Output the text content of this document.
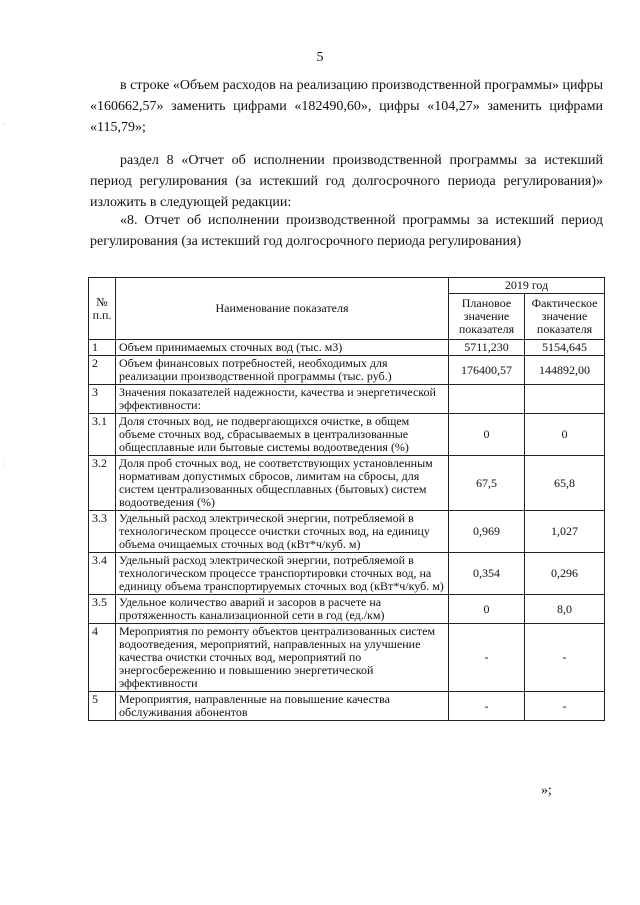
·
·
5

в строке «Объем расходов на реализацию производственной программы» цифры «160662,57» заменить цифрами «182490,60», цифры «104,27» заменить цифрами «115,79»;

раздел 8 «Отчет об исполнении производственной программы за истекший период регулирования (за истекший год долгосрочного периода регулирования)» изложить в следующей редакции:

«8. Отчет об исполнении производственной программы за истекший период регулирования (за истекший год долгосрочного периода регулирования)

№ п.п.	Наименование показателя	2019 год	
		Плановое значение показателя	Фактическое значение показателя
1	Объем принимаемых сточных вод (тыс. м3)	5711,230	5154,645
2	Объем финансовых потребностей, необходимых для реализации производственной программы (тыс. руб.)	176400,57	144892,00
3	Значения показателей надежности, качества и энергетической эффективности:		
3.1	Доля сточных вод, не подвергающихся очистке, в общем объеме сточных вод, сбрасываемых в централизованные общесплавные или бытовые системы водоотведения (%)	0	0
3.2	Доля проб сточных вод, не соответствующих установленным нормативам допустимых сбросов, лимитам на сбросы, для систем централизованных общесплавных (бытовых) систем водоотведения (%)	67,5	65,8
3.3	Удельный расход электрической энергии, потребляемой в технологическом процессе очистки сточных вод, на единицу объема очищаемых сточных вод (кВт*ч/куб. м)	0,969	1,027
3.4	Удельный расход электрической энергии, потребляемой в технологическом процессе транспортировки сточных вод, на единицу объема транспортируемых сточных вод (кВт*ч/куб. м)	0,354	0,296
3.5	Удельное количество аварий и засоров в расчете на протяженность канализационной сети в год (ед./км)	0	8,0
4	Мероприятия по ремонту объектов централизованных систем водоотведения, мероприятий, направленных на улучшение качества очистки сточных вод, мероприятий по энергосбережению и повышению энергетической эффективности	-	-
5	Мероприятия, направленные на повышение качества обслуживания абонентов	-	-
»;
